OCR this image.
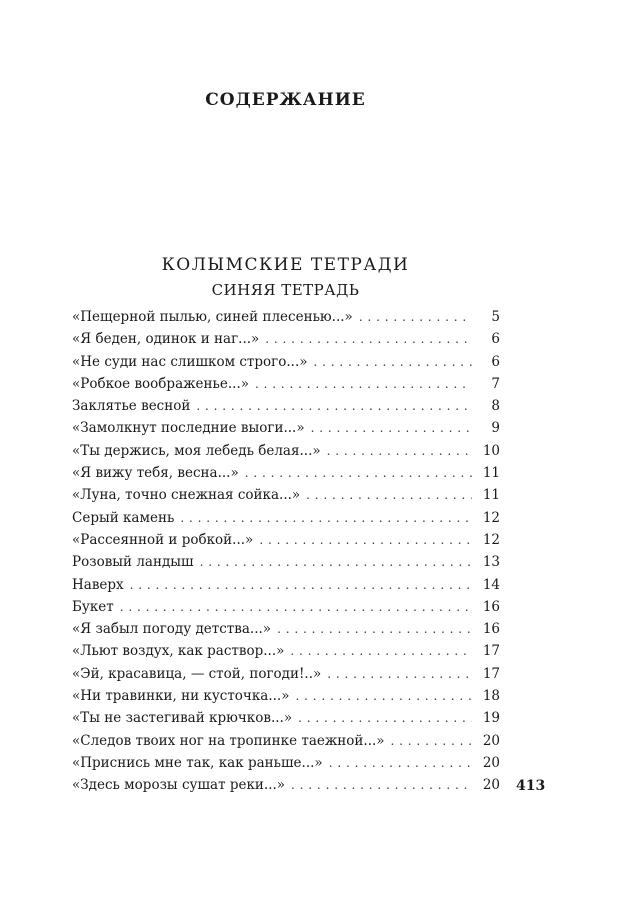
СОДЕРЖАНИЕ
КОЛЫМСКИЕ ТЕТРАДИ
СИНЯЯ ТЕТРАДЬ
«Пещерной пылью, синей плесенью...» . . .	5
«Я беден, одинок и наг...» . . .	6
«Не суди нас слишком строго...» . . .	6
«Робкое воображенье...» . . .	7
Заклятье весной . . .	8
«Замолкнут последние выоги...» . . .	9
«Ты держись, моя лебедь белая...» . . .	10
«Я вижу тебя, весна...» . . .	11
«Луна, точно снежная сойка...» . . .	11
Серый камень . . .	12
«Рассеянной и робкой...» . . .	12
Розовый ландыш . . .	13
Наверх . . .	14
Букет . . .	16
«Я забыл погоду детства...» . . .	16
«Льют воздух, как раствор...» . . .	17
«Эй, красавица, — стой, погоди!..» . . .	17
«Ни травинки, ни кусточка...» . . .	18
«Ты не застегивай крючков...» . . .	19
«Следов твоих ног на тропинке таежной...» . . .	20
«Приснись мне так, как раньше...» . . .	20
«Здесь морозы сушат реки...» . . .	20 413
